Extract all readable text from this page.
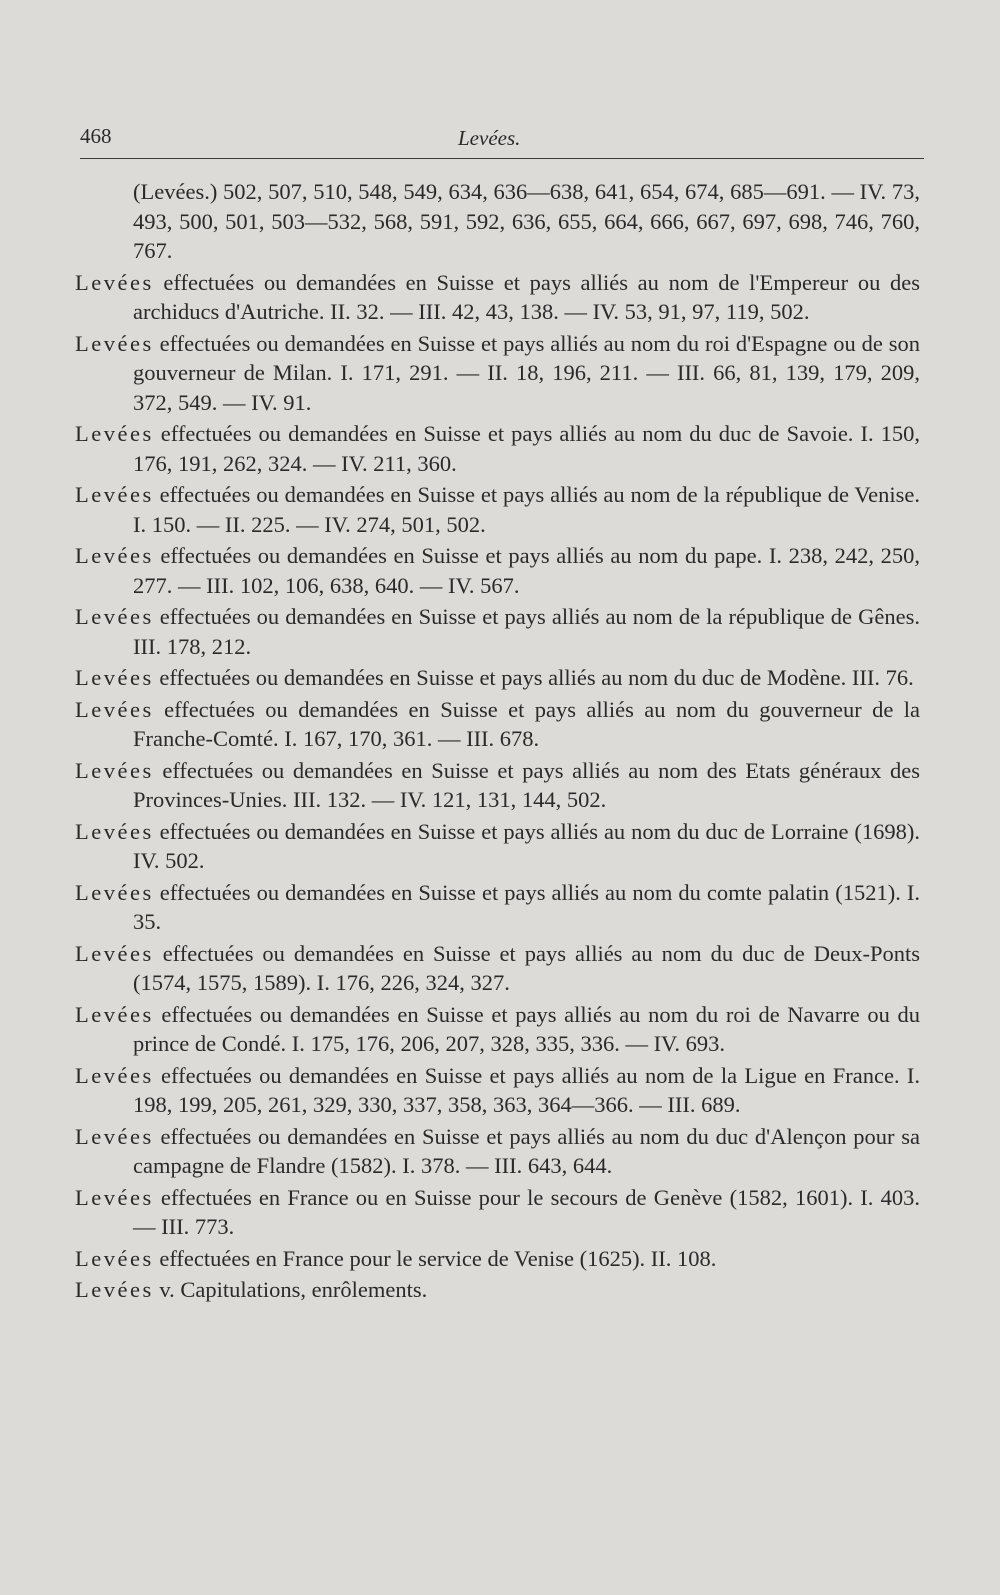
468	Levées.

(Levées.) 502, 507, 510, 548, 549, 634, 636—638, 641, 654, 674, 685—691. — IV. 73, 493, 500, 501, 503—532, 568, 591, 592, 636, 655, 664, 666, 667, 697, 698, 746, 760, 767.

Levées effectuées ou demandées en Suisse et pays alliés au nom de l'Empereur ou des archiducs d'Autriche. II. 32. — III. 42, 43, 138. — IV. 53, 91, 97, 119, 502.

Levées effectuées ou demandées en Suisse et pays alliés au nom du roi d'Espagne ou de son gouverneur de Milan. I. 171, 291. — II. 18, 196, 211. — III. 66, 81, 139, 179, 209, 372, 549. — IV. 91.

Levées effectuées ou demandées en Suisse et pays alliés au nom du duc de Savoie. I. 150, 176, 191, 262, 324. — IV. 211, 360.

Levées effectuées ou demandées en Suisse et pays alliés au nom de la république de Venise. I. 150. — II. 225. — IV. 274, 501, 502.

Levées effectuées ou demandées en Suisse et pays alliés au nom du pape. I. 238, 242, 250, 277. — III. 102, 106, 638, 640. — IV. 567.

Levées effectuées ou demandées en Suisse et pays alliés au nom de la république de Gênes. III. 178, 212.

Levées effectuées ou demandées en Suisse et pays alliés au nom du duc de Modène. III. 76.

Levées effectuées ou demandées en Suisse et pays alliés au nom du gouverneur de la Franche-Comté. I. 167, 170, 361. — III. 678.

Levées effectuées ou demandées en Suisse et pays alliés au nom des Etats généraux des Provinces-Unies. III. 132. — IV. 121, 131, 144, 502.

Levées effectuées ou demandées en Suisse et pays alliés au nom du duc de Lorraine (1698). IV. 502.

Levées effectuées ou demandées en Suisse et pays alliés au nom du comte palatin (1521). I. 35.

Levées effectuées ou demandées en Suisse et pays alliés au nom du duc de Deux-Ponts (1574, 1575, 1589). I. 176, 226, 324, 327.

Levées effectuées ou demandées en Suisse et pays alliés au nom du roi de Navarre ou du prince de Condé. I. 175, 176, 206, 207, 328, 335, 336. — IV. 693.

Levées effectuées ou demandées en Suisse et pays alliés au nom de la Ligue en France. I. 198, 199, 205, 261, 329, 330, 337, 358, 363, 364—366. — III. 689.

Levées effectuées ou demandées en Suisse et pays alliés au nom du duc d'Alençon pour sa campagne de Flandre (1582). I. 378. — III. 643, 644.

Levées effectuées en France ou en Suisse pour le secours de Genève (1582, 1601). I. 403. — III. 773.

Levées effectuées en France pour le service de Venise (1625). II. 108.

Levées v. Capitulations, enrôlements.
